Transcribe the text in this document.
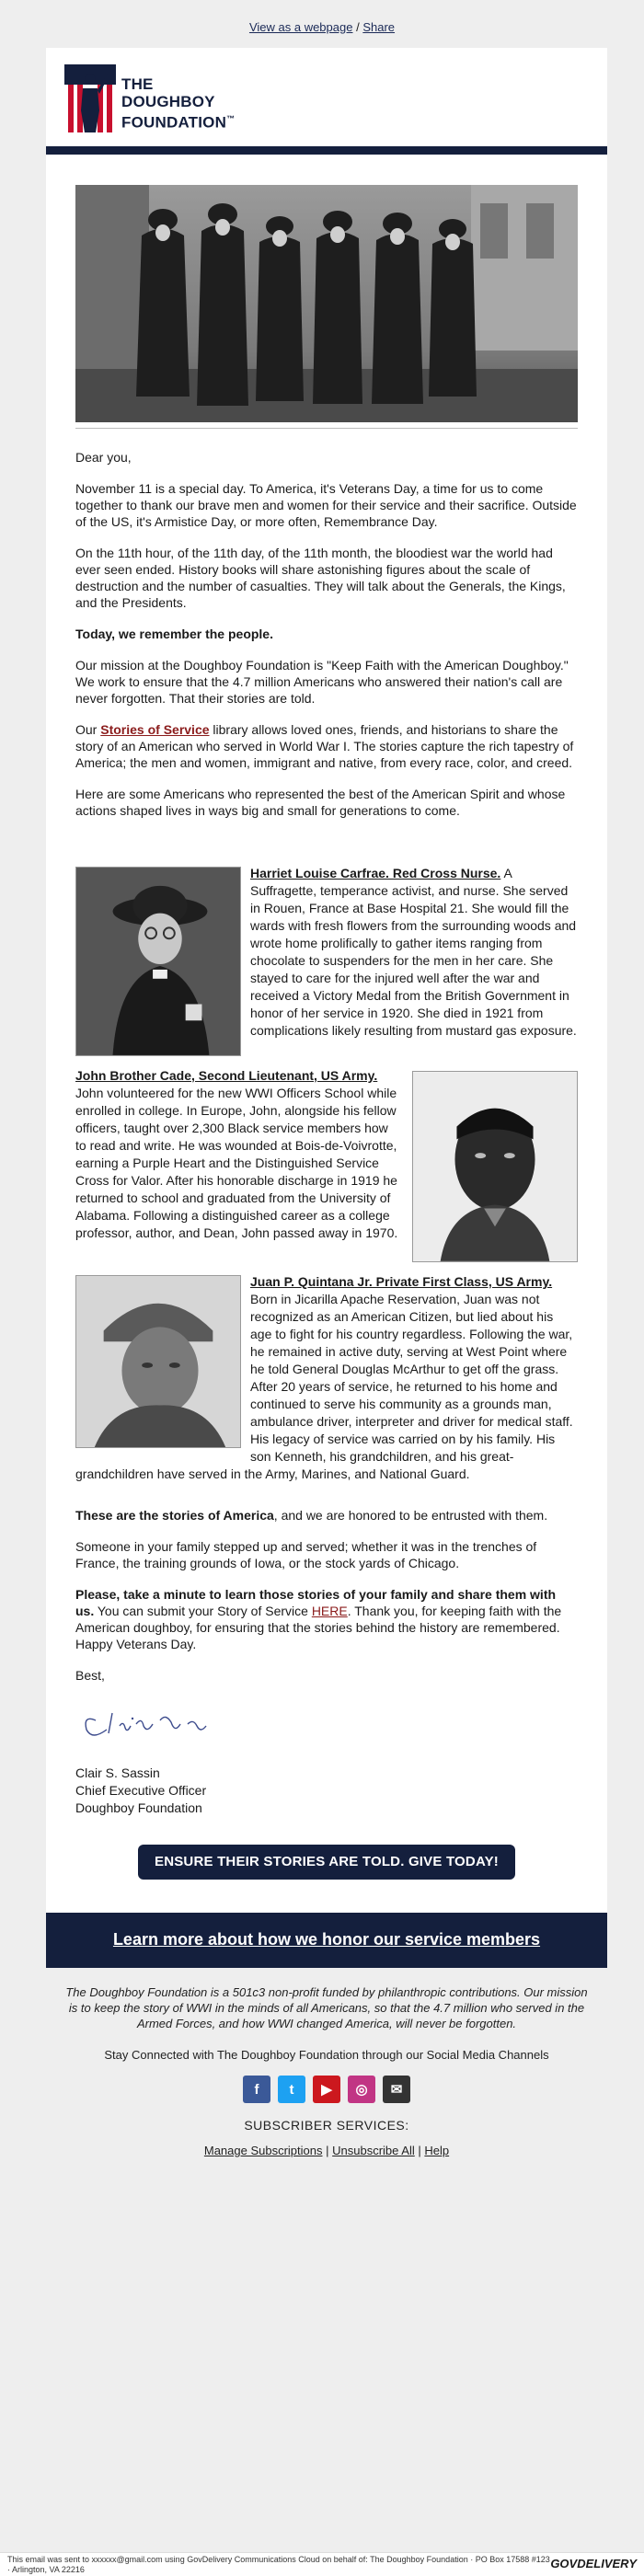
View as a webpage / Share
THE
DOUGHBOY
FOUNDATION™

Dear you,

November 11 is a special day. To America, it's Veterans Day, a time for us to come together to thank our brave men and women for their service and their sacrifice. Outside of the US, it's Armistice Day, or more often, Remembrance Day.

On the 11th hour, of the 11th day, of the 11th month, the bloodiest war the world had ever seen ended. History books will share astonishing figures about the scale of destruction and the number of casualties. They will talk about the Generals, the Kings, and the Presidents.

Today, we remember the people.

Our mission at the Doughboy Foundation is "Keep Faith with the American Doughboy." We work to ensure that the 4.7 million Americans who answered their nation's call are never forgotten. That their stories are told.

Our Stories of Service library allows loved ones, friends, and historians to share the story of an American who served in World War I. The stories capture the rich tapestry of America; the men and women, immigrant and native, from every race, color, and creed.

Here are some Americans who represented the best of the American Spirit and whose actions shaped lives in ways big and small for generations to come.

Harriet Louise Carfrae. Red Cross Nurse. A Suffragette, temperance activist, and nurse. She served in Rouen, France at Base Hospital 21. She would fill the wards with fresh flowers from the surrounding woods and wrote home prolifically to gather items ranging from chocolate to suspenders for the men in her care. She stayed to care for the injured well after the war and received a Victory Medal from the British Government in honor of her service in 1920. She died in 1921 from complications likely resulting from mustard gas exposure.
John Brother Cade, Second Lieutenant, US Army. John volunteered for the new WWI Officers School while enrolled in college. In Europe, John, alongside his fellow officers, taught over 2,300 Black service members how to read and write. He was wounded at Bois-de-Voivrotte, earning a Purple Heart and the Distinguished Service Cross for Valor. After his honorable discharge in 1919 he returned to school and graduated from the University of Alabama. Following a distinguished career as a college professor, author, and Dean, John passed away in 1970.
Juan P. Quintana Jr. Private First Class, US Army. Born in Jicarilla Apache Reservation, Juan was not recognized as an American Citizen, but lied about his age to fight for his country regardless. Following the war, he remained in active duty, serving at West Point where he told General Douglas McArthur to get off the grass. After 20 years of service, he returned to his home and continued to serve his community as a grounds man, ambulance driver, interpreter and driver for medical staff. His legacy of service was carried on by his family. His son Kenneth, his grandchildren, and his great-grandchildren have served in the Army, Marines, and National Guard.

These are the stories of America, and we are honored to be entrusted with them.

Someone in your family stepped up and served; whether it was in the trenches of France, the training grounds of Iowa, or the stock yards of Chicago.

Please, take a minute to learn those stories of your family and share them with us. You can submit your Story of Service HERE. Thank you, for keeping faith with the American doughboy, for ensuring that the stories behind the history are remembered. Happy Veterans Day.

Best,

Clair S. Sassin

Chief Executive Officer

Doughboy Foundation

ENSURE THEIR STORIES ARE TOLD. GIVE TODAY!
Learn more about how we honor our service members

The Doughboy Foundation is a 501c3 non-profit funded by philanthropic contributions. Our mission is to keep the story of WWI in the minds of all Americans, so that the 4.7 million who served in the Armed Forces, and how WWI changed America, will never be forgotten.

Stay Connected with The Doughboy Foundation through our Social Media Channels

f	t	▶	◎	✉

SUBSCRIBER SERVICES:

Manage Subscriptions | Unsubscribe All | Help

This email was sent to xxxxxx@gmail.com using GovDelivery Communications Cloud on behalf of: The Doughboy Foundation · PO Box 17588 #123 · Arlington, VA 22216	GOVDELIVERY
